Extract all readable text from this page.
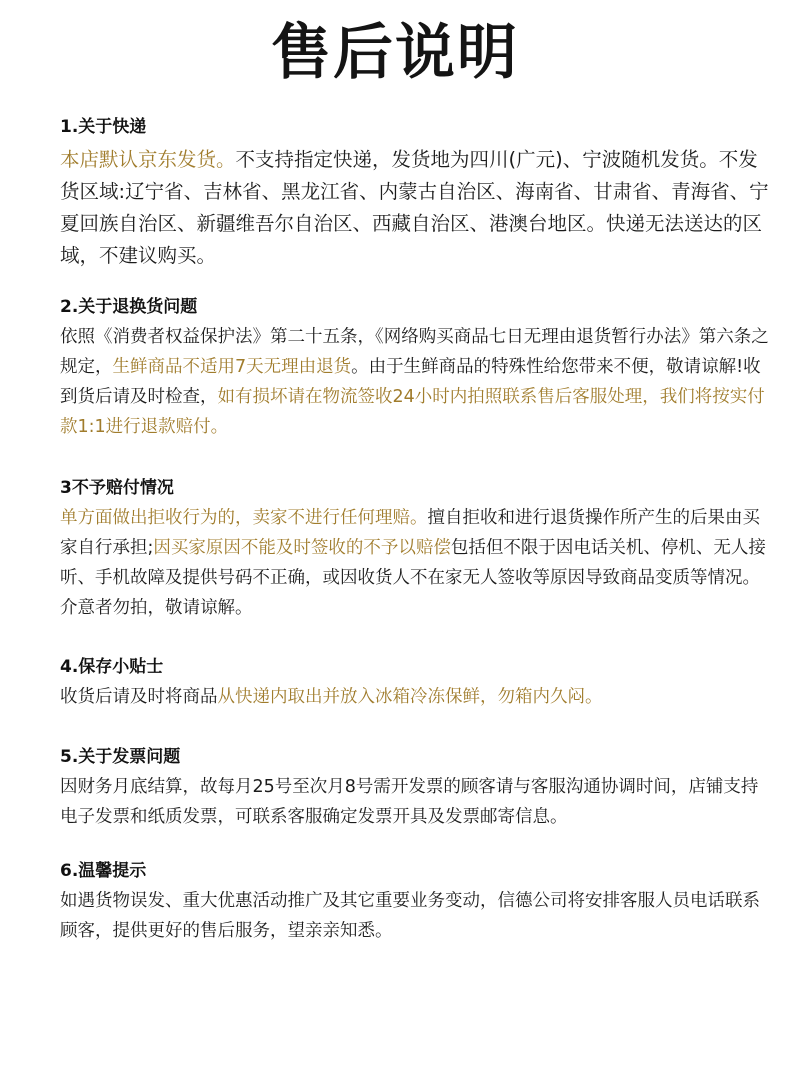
售后说明
1.关于快递

本店默认京东发货。不支持指定快递，发货地为四川(广元)、宁波随机发货。不发货区域:辽宁省、吉林省、黑龙江省、内蒙古自治区、海南省、甘肃省、青海省、宁夏回族自治区、新疆维吾尔自治区、西藏自治区、港澳台地区。快递无法送达的区域，不建议购买。

2.关于退换货问题

依照《消费者权益保护法》第二十五条，《网络购买商品七日无理由退货暂行办法》第六条之规定，生鲜商品不适用7天无理由退货。由于生鲜商品的特殊性给您带来不便，敬请谅解!收到货后请及时检查，如有损坏请在物流签收24小时内拍照联系售后客服处理，我们将按实付款1:1进行退款赔付。

3不予赔付情况

单方面做出拒收行为的，卖家不进行任何理赔。擅自拒收和进行退货操作所产生的后果由买家自行承担;因买家原因不能及时签收的不予以赔偿包括但不限于因电话关机、停机、无人接听、手机故障及提供号码不正确，或因收货人不在家无人签收等原因导致商品变质等情况。介意者勿拍，敬请谅解。

4.保存小贴士

收货后请及时将商品从快递内取出并放入冰箱冷冻保鲜，勿箱内久闷。

5.关于发票问题

因财务月底结算，故每月25号至次月8号需开发票的顾客请与客服沟通协调时间，店铺支持电子发票和纸质发票，可联系客服确定发票开具及发票邮寄信息。

6.温馨提示

如遇货物误发、重大优惠活动推广及其它重要业务变动，信德公司将安排客服人员电话联系顾客，提供更好的售后服务，望亲亲知悉。
